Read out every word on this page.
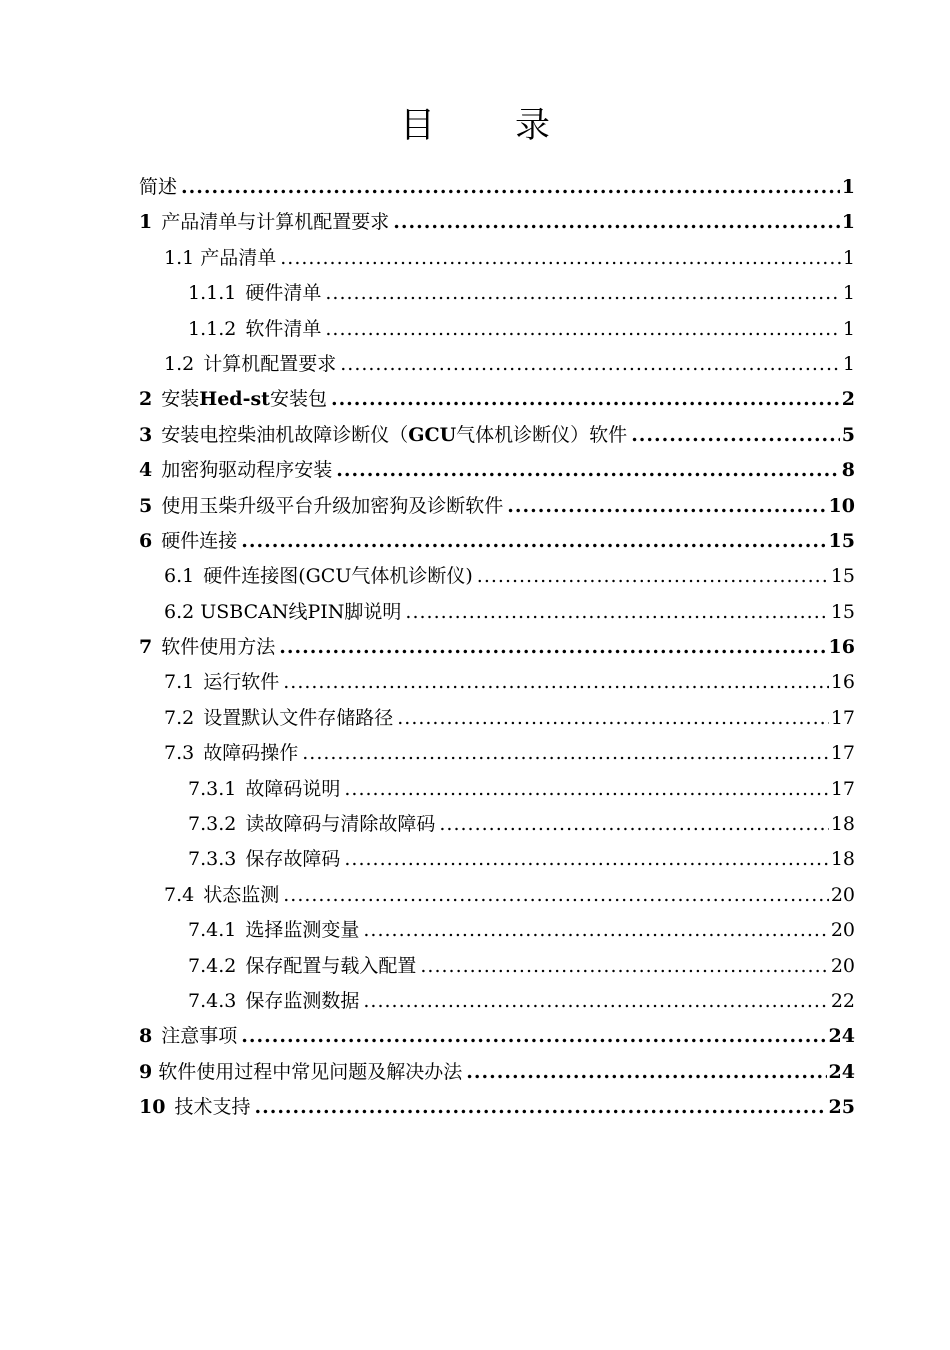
目 录
简述 .....	1
1 产品清单与计算机配置要求 .....	1
1.1 产品清单 .....	1
1.1.1 硬件清单 .....	1
1.1.2 软件清单 .....	1
1.2 计算机配置要求 .....	1
2 安装Hed-st安装包 .....	2
3 安装电控柴油机故障诊断仪（GCU气体机诊断仪）软件 .....	5
4 加密狗驱动程序安装 .....	8
5 使用玉柴升级平台升级加密狗及诊断软件 .....	10
6 硬件连接 .....	15
6.1 硬件连接图(GCU气体机诊断仪) .....	15
6.2 USBCAN线PIN脚说明 .....	15
7 软件使用方法 .....	16
7.1 运行软件 .....	16
7.2 设置默认文件存储路径 .....	17
7.3 故障码操作 .....	17
7.3.1 故障码说明 .....	17
7.3.2 读故障码与清除故障码 .....	18
7.3.3 保存故障码 .....	18
7.4 状态监测 .....	20
7.4.1 选择监测变量 .....	20
7.4.2 保存配置与载入配置 .....	20
7.4.3 保存监测数据 .....	22
8 注意事项 .....	24
9 软件使用过程中常见问题及解决办法 .....	24
10 技术支持 .....	25
